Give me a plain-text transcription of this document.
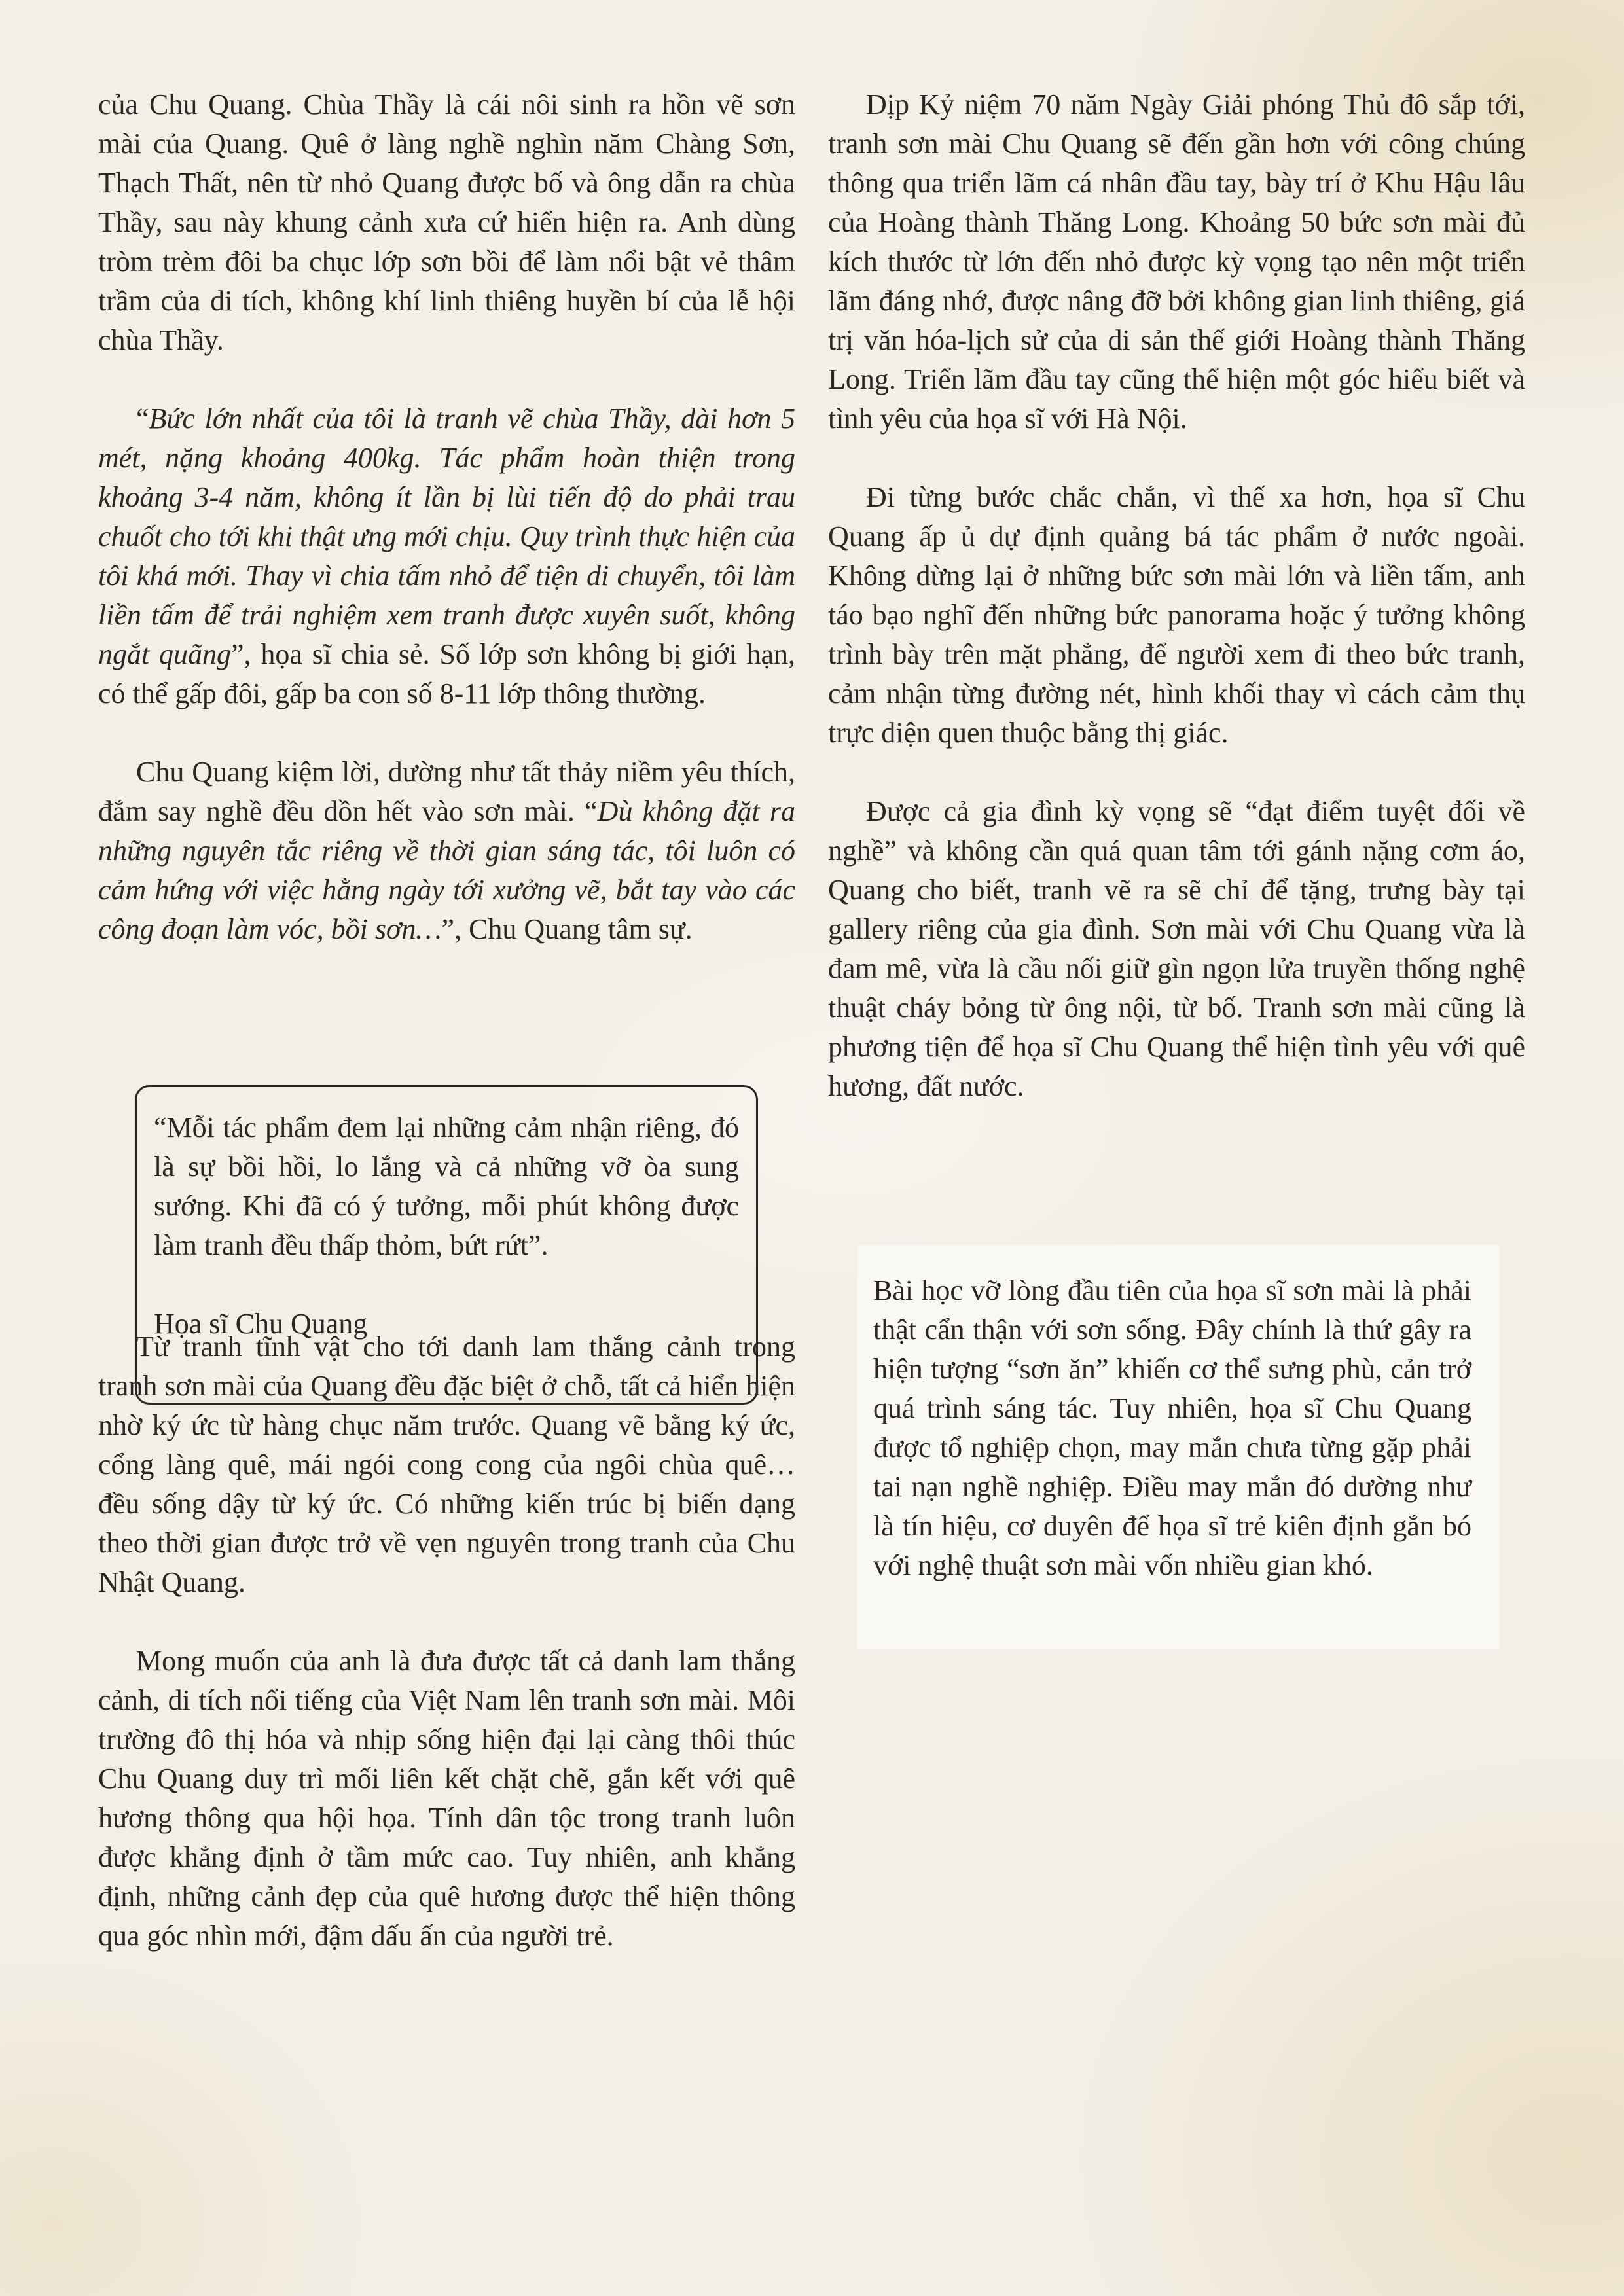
của Chu Quang. Chùa Thầy là cái nôi sinh ra hồn vẽ sơn mài của Quang. Quê ở làng nghề nghìn năm Chàng Sơn, Thạch Thất, nên từ nhỏ Quang được bố và ông dẫn ra chùa Thầy, sau này khung cảnh xưa cứ hiển hiện ra. Anh dùng tròm trèm đôi ba chục lớp sơn bồi để làm nổi bật vẻ thâm trầm của di tích, không khí linh thiêng huyền bí của lễ hội chùa Thầy.

“Bức lớn nhất của tôi là tranh vẽ chùa Thầy, dài hơn 5 mét, nặng khoảng 400kg. Tác phẩm hoàn thiện trong khoảng 3-4 năm, không ít lần bị lùi tiến độ do phải trau chuốt cho tới khi thật ưng mới chịu. Quy trình thực hiện của tôi khá mới. Thay vì chia tấm nhỏ để tiện di chuyển, tôi làm liền tấm để trải nghiệm xem tranh được xuyên suốt, không ngắt quãng”, họa sĩ chia sẻ. Số lớp sơn không bị giới hạn, có thể gấp đôi, gấp ba con số 8-11 lớp thông thường.

Chu Quang kiệm lời, dường như tất thảy niềm yêu thích, đắm say nghề đều dồn hết vào sơn mài. “Dù không đặt ra những nguyên tắc riêng về thời gian sáng tác, tôi luôn có cảm hứng với việc hằng ngày tới xưởng vẽ, bắt tay vào các công đoạn làm vóc, bồi sơn…”, Chu Quang tâm sự.

Từ tranh tĩnh vật cho tới danh lam thắng cảnh trong tranh sơn mài của Quang đều đặc biệt ở chỗ, tất cả hiển hiện nhờ ký ức từ hàng chục năm trước. Quang vẽ bằng ký ức, cổng làng quê, mái ngói cong cong của ngôi chùa quê… đều sống dậy từ ký ức. Có những kiến trúc bị biến dạng theo thời gian được trở về vẹn nguyên trong tranh của Chu Nhật Quang.

Mong muốn của anh là đưa được tất cả danh lam thắng cảnh, di tích nổi tiếng của Việt Nam lên tranh sơn mài. Môi trường đô thị hóa và nhịp sống hiện đại lại càng thôi thúc Chu Quang duy trì mối liên kết chặt chẽ, gắn kết với quê hương thông qua hội họa. Tính dân tộc trong tranh luôn được khẳng định ở tầm mức cao. Tuy nhiên, anh khẳng định, những cảnh đẹp của quê hương được thể hiện thông qua góc nhìn mới, đậm dấu ấn của người trẻ.

“Mỗi tác phẩm đem lại những cảm nhận riêng, đó là sự bồi hồi, lo lắng và cả những vỡ òa sung sướng. Khi đã có ý tưởng, mỗi phút không được làm tranh đều thấp thỏm, bứt rứt”.

Họa sĩ Chu Quang

Dịp Kỷ niệm 70 năm Ngày Giải phóng Thủ đô sắp tới, tranh sơn mài Chu Quang sẽ đến gần hơn với công chúng thông qua triển lãm cá nhân đầu tay, bày trí ở Khu Hậu lâu của Hoàng thành Thăng Long. Khoảng 50 bức sơn mài đủ kích thước từ lớn đến nhỏ được kỳ vọng tạo nên một triển lãm đáng nhớ, được nâng đỡ bởi không gian linh thiêng, giá trị văn hóa-lịch sử của di sản thế giới Hoàng thành Thăng Long. Triển lãm đầu tay cũng thể hiện một góc hiểu biết và tình yêu của họa sĩ với Hà Nội.

Đi từng bước chắc chắn, vì thế xa hơn, họa sĩ Chu Quang ấp ủ dự định quảng bá tác phẩm ở nước ngoài. Không dừng lại ở những bức sơn mài lớn và liền tấm, anh táo bạo nghĩ đến những bức panorama hoặc ý tưởng không trình bày trên mặt phẳng, để người xem đi theo bức tranh, cảm nhận từng đường nét, hình khối thay vì cách cảm thụ trực diện quen thuộc bằng thị giác.

Được cả gia đình kỳ vọng sẽ “đạt điểm tuyệt đối về nghề” và không cần quá quan tâm tới gánh nặng cơm áo, Quang cho biết, tranh vẽ ra sẽ chỉ để tặng, trưng bày tại gallery riêng của gia đình. Sơn mài với Chu Quang vừa là đam mê, vừa là cầu nối giữ gìn ngọn lửa truyền thống nghệ thuật cháy bỏng từ ông nội, từ bố. Tranh sơn mài cũng là phương tiện để họa sĩ Chu Quang thể hiện tình yêu với quê hương, đất nước.

Bài học vỡ lòng đầu tiên của họa sĩ sơn mài là phải thật cẩn thận với sơn sống. Đây chính là thứ gây ra hiện tượng “sơn ăn” khiến cơ thể sưng phù, cản trở quá trình sáng tác. Tuy nhiên, họa sĩ Chu Quang được tổ nghiệp chọn, may mắn chưa từng gặp phải tai nạn nghề nghiệp. Điều may mắn đó dường như là tín hiệu, cơ duyên để họa sĩ trẻ kiên định gắn bó với nghệ thuật sơn mài vốn nhiều gian khó.
